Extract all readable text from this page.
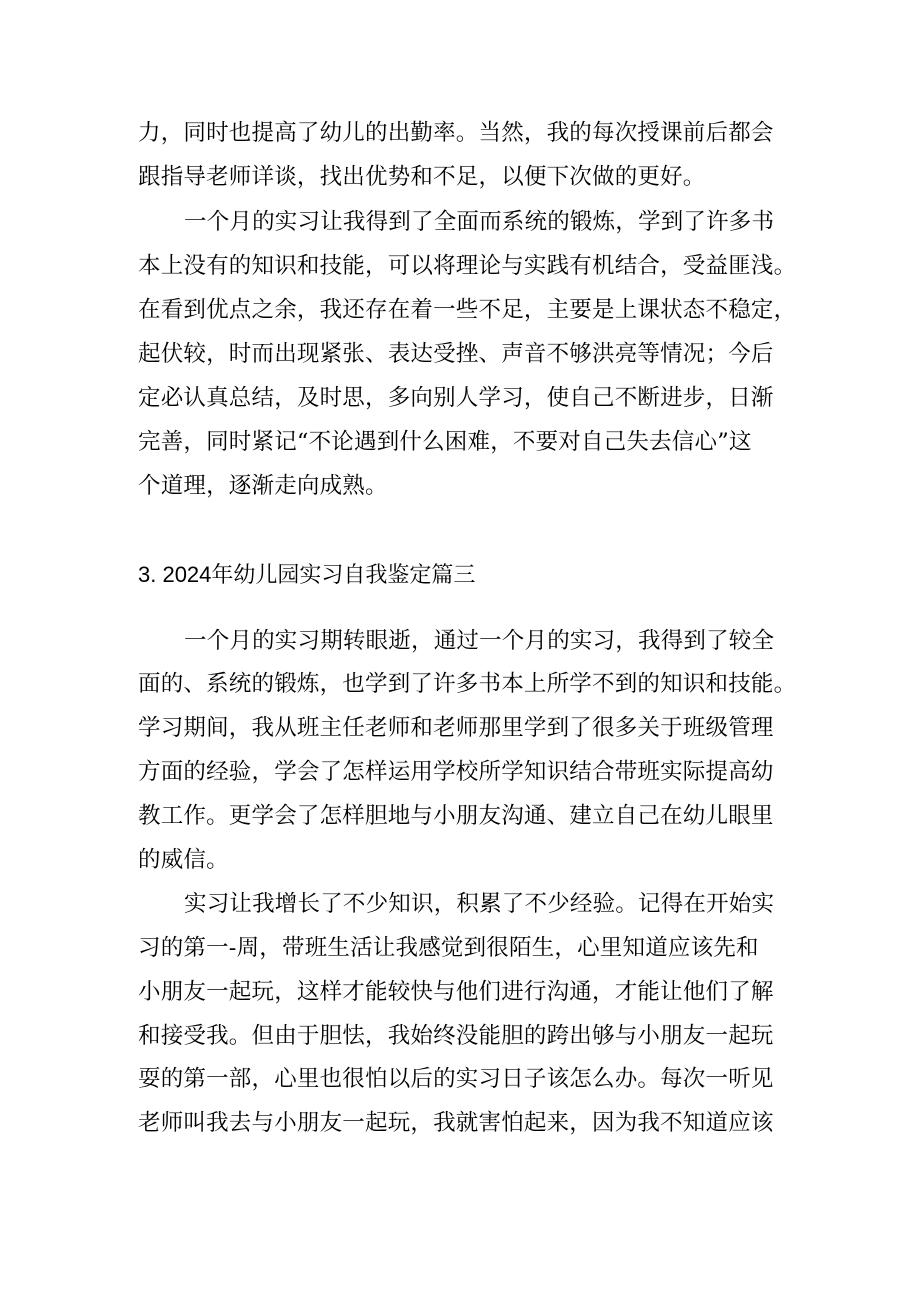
力，同时也提高了幼儿的出勤率。当然，我的每次授课前后都会
跟指导老师详谈，找出优势和不足，以便下次做的更好。
一个月的实习让我得到了全面而系统的锻炼，学到了许多书
本上没有的知识和技能，可以将理论与实践有机结合，受益匪浅。
在看到优点之余，我还存在着一些不足，主要是上课状态不稳定，
起伏较，时而出现紧张、表达受挫、声音不够洪亮等情况；今后
定必认真总结，及时思，多向别人学习，使自己不断进步，日渐
完善，同时紧记“不论遇到什么困难，不要对自己失去信心”这
个道理，逐渐走向成熟。
3. 2024年幼儿园实习自我鉴定篇三
一个月的实习期转眼逝，通过一个月的实习，我得到了较全
面的、系统的锻炼，也学到了许多书本上所学不到的知识和技能。
学习期间，我从班主任老师和老师那里学到了很多关于班级管理
方面的经验，学会了怎样运用学校所学知识结合带班实际提高幼
教工作。更学会了怎样胆地与小朋友沟通、建立自己在幼儿眼里
的威信。
实习让我增长了不少知识，积累了不少经验。记得在开始实
习的第一-周，带班生活让我感觉到很陌生，心里知道应该先和
小朋友一起玩，这样才能较快与他们进行沟通，才能让他们了解
和接受我。但由于胆怯，我始终没能胆的跨出够与小朋友一起玩
耍的第一部，心里也很怕以后的实习日子该怎么办。每次一听见
老师叫我去与小朋友一起玩，我就害怕起来，因为我不知道应该
